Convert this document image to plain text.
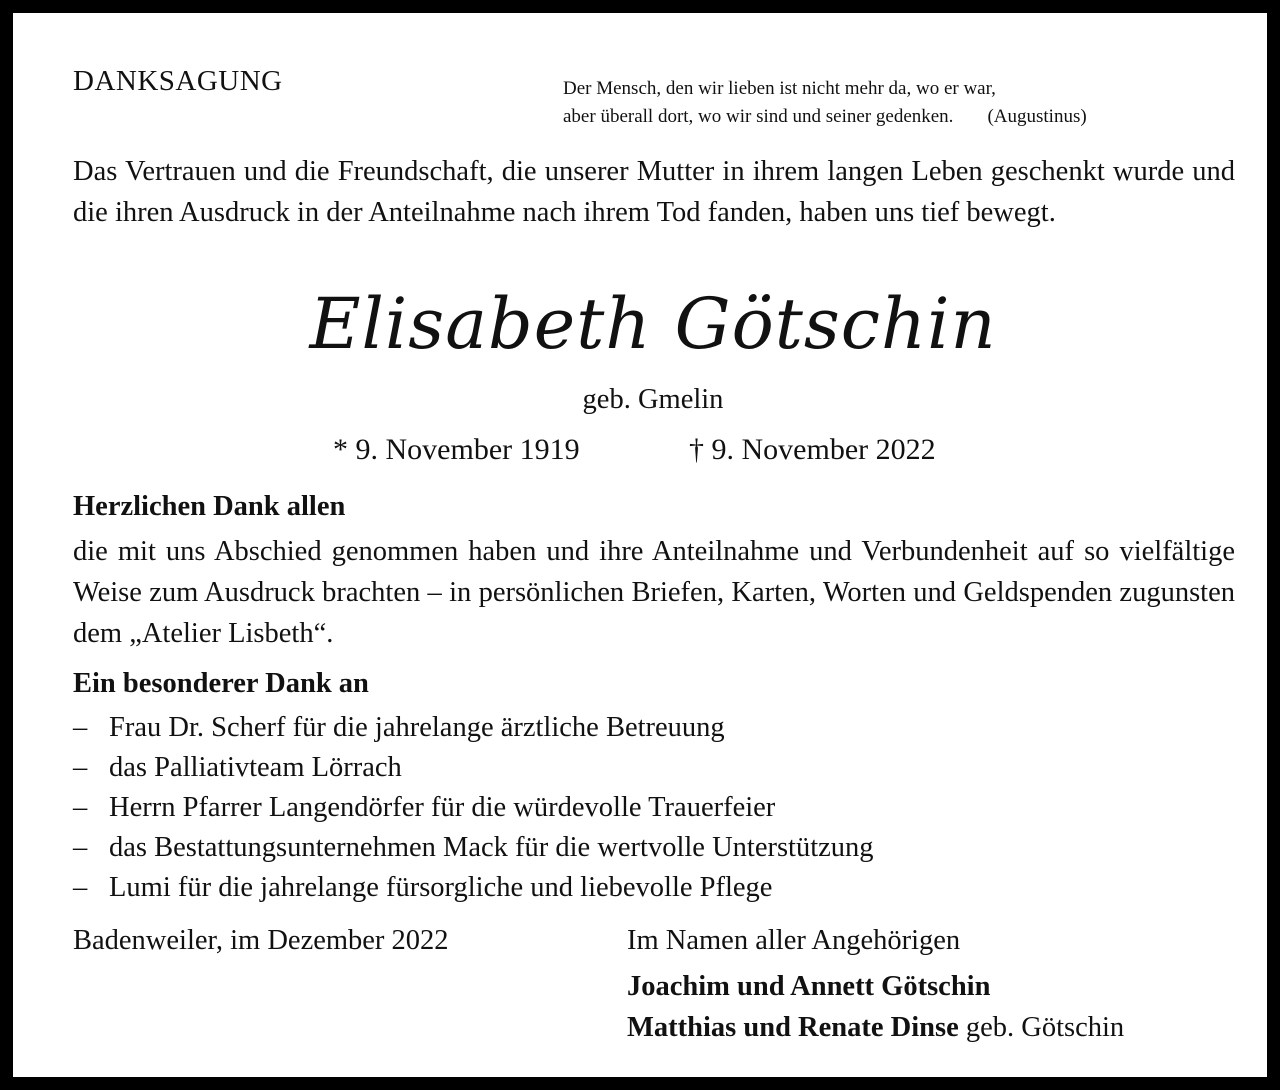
DANKSAGUNG	Der Mensch, den wir lieben ist nicht mehr da, wo er war,
aber überall dort, wo wir sind und seiner gedenken. (Augustinus)
Das Vertrauen und die Freundschaft, die unserer Mutter in ihrem langen Leben geschenkt wurde und die ihren Ausdruck in der Anteilnahme nach ihrem Tod fanden, haben uns tief bewegt.
Elisabeth Götschin
geb. Gmelin
* 9. November 1919	† 9. November 2022
Herzlichen Dank allen
die mit uns Abschied genommen haben und ihre Anteilnahme und Verbundenheit auf so vielfältige Weise zum Ausdruck brachten – in persönlichen Briefen, Karten, Worten und Geldspenden zugunsten dem „Atelier Lisbeth“.
Ein besonderer Dank an
– Frau Dr. Scherf für die jahrelange ärztliche Betreuung
– das Palliativteam Lörrach
– Herrn Pfarrer Langendörfer für die würdevolle Trauerfeier
– das Bestattungsunternehmen Mack für die wertvolle Unterstützung
– Lumi für die jahrelange fürsorgliche und liebevolle Pflege
Badenweiler, im Dezember 2022	Im Namen aller Angehörigen
Joachim und Annett Götschin
Matthias und Renate Dinse geb. Götschin
